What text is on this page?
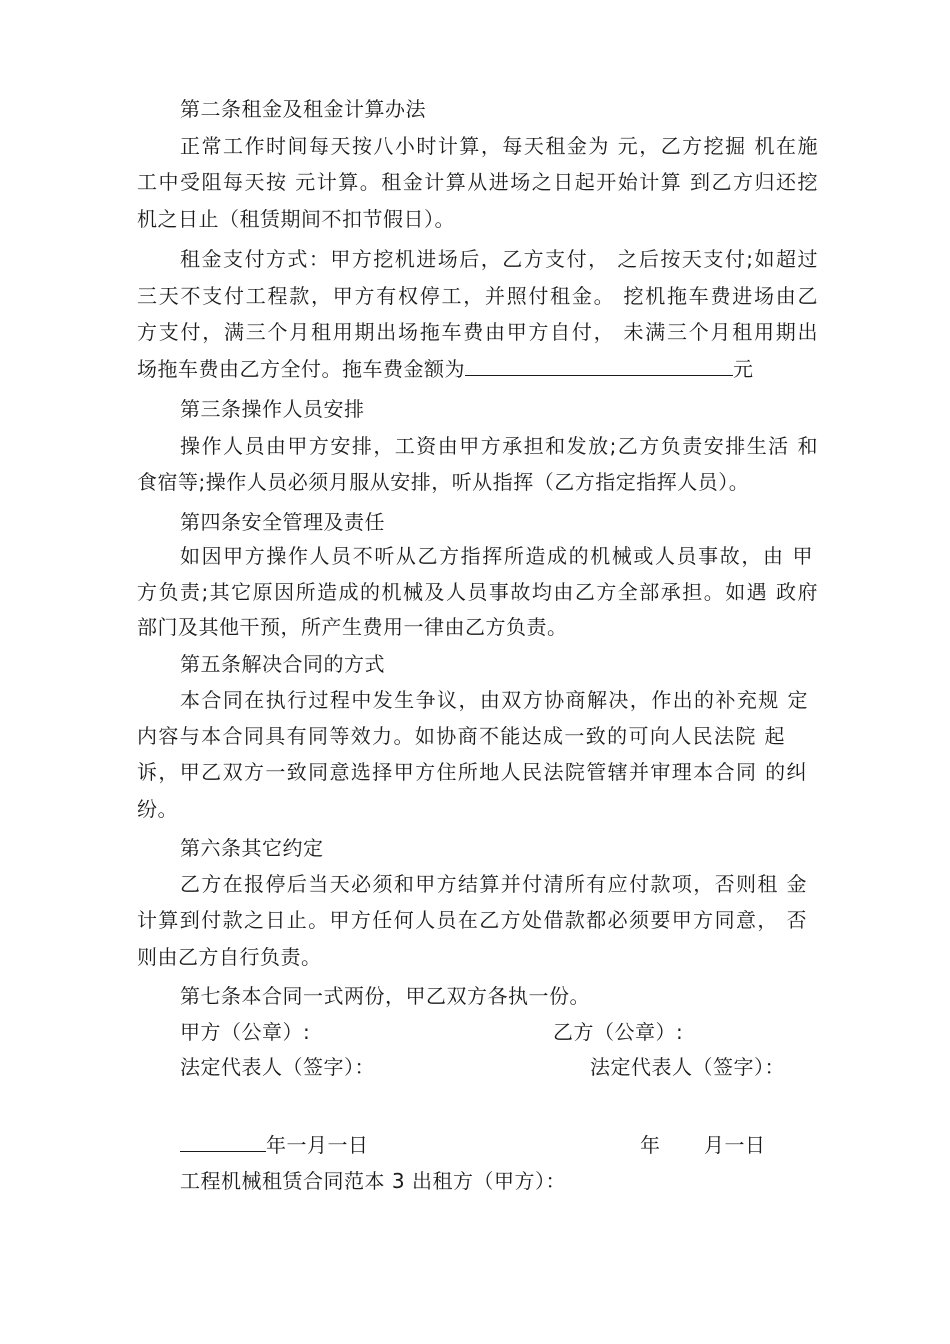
第二条租金及租金计算办法
正常工作时间每天按八小时计算，每天租金为 元，乙方挖掘 机在施
工中受阻每天按 元计算。租金计算从进场之日起开始计算 到乙方归还挖
机之日止（租赁期间不扣节假日）。
租金支付方式：甲方挖机进场后，乙方支付， 之后按天支付;如超过
三天不支付工程款，甲方有权停工，并照付租金。 挖机拖车费进场由乙
方支付，满三个月租用期出场拖车费由甲方自付， 未满三个月租用期出
场拖车费由乙方全付。拖车费金额为	元
第三条操作人员安排
操作人员由甲方安排，工资由甲方承担和发放;乙方负责安排生活 和
食宿等;操作人员必须月服从安排，听从指挥（乙方指定指挥人员）。
第四条安全管理及责任
如因甲方操作人员不听从乙方指挥所造成的机械或人员事故，由 甲
方负责;其它原因所造成的机械及人员事故均由乙方全部承担。如遇 政府
部门及其他干预，所产生费用一律由乙方负责。
第五条解决合同的方式
本合同在执行过程中发生争议，由双方协商解决，作出的补充规 定
内容与本合同具有同等效力。如协商不能达成一致的可向人民法院 起
诉，甲乙双方一致同意选择甲方住所地人民法院管辖并审理本合同 的纠
纷。
第六条其它约定
乙方在报停后当天必须和甲方结算并付清所有应付款项，否则租 金
计算到付款之日止。甲方任何人员在乙方处借款都必须要甲方同意， 否
则由乙方自行负责。
第七条本合同一式两份，甲乙双方各执一份。
甲方（公章）:	乙方（公章）:
法定代表人（签字）：	法定代表人（签字）：
年一月一日	年 月一日
工程机械租赁合同范本 3 出租方（甲方）：
